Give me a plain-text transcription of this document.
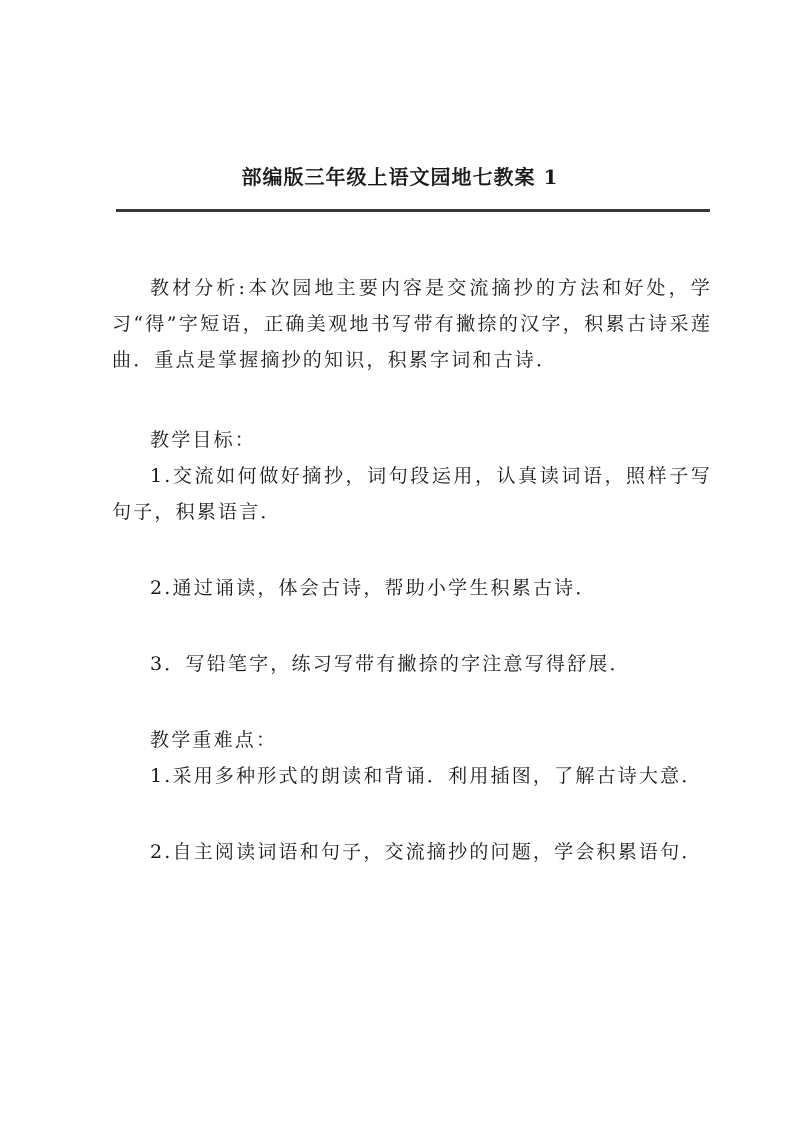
部编版三年级上语文园地七教案 1

教材分析:本次园地主要内容是交流摘抄的方法和好处，学习“得”字短语，正确美观地书写带有撇捺的汉字，积累古诗采莲曲．重点是掌握摘抄的知识，积累字词和古诗．

教学目标：

1.交流如何做好摘抄，词句段运用，认真读词语，照样子写句子，积累语言．

2.通过诵读，体会古诗，帮助小学生积累古诗．

3．写铅笔字，练习写带有撇捺的字注意写得舒展．

教学重难点：

1.采用多种形式的朗读和背诵．利用插图，了解古诗大意．

2.自主阅读词语和句子，交流摘抄的问题，学会积累语句．
